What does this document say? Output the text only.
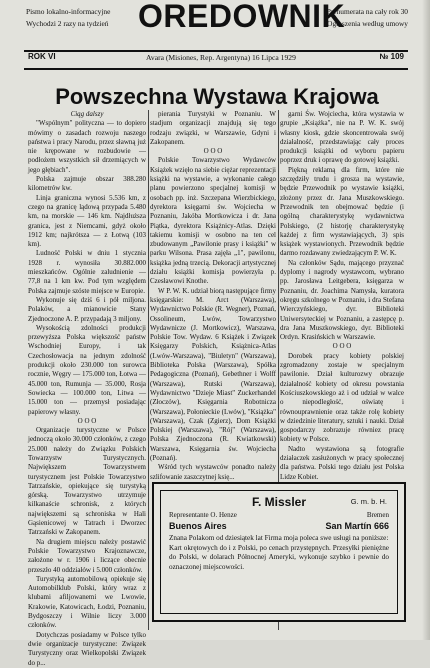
Pismo lokalno-informacyjne
Wychodzi 2 razy na tydzień OREDOWNIK
Prenumerata na cały rok 30
Ogłoszenia według umowy
ROK VI	Avara (Misiones, Rep. Argentyna) 16 Lipca 1929	№ 109
Powszechna Wystawa Krajowa

Ciąg dalszy

"Wspólnym" polityczna — to dopiero mówimy o zasadach rozwoju naszego państwa i pracy Narodu, przez sławną już nie krępowane w rozbudowie — podłożem wszystkich sił drzemiących w jego głębiach".

Polska zajmuje obszar 388.280 kilometrów kw.

Linja graniczna wynosi 5.536 km, z czego na granicę lądową przypada 5.480 km, na morskie — 146 km. Najdłuższa granica, jest z Niemcami, gdyż około 1912 km; najkrótsza — z Łotwą (103 km).

Ludność Polski w dniu 1 stycznia 1928 r. wynosiła 30.882.000 mieszkańców. Ogólnie zaludnienie — 77,8 na 1 km kw. Pod tym względem Polska zajmuje szóste miejsce w Europie.

Wykonuje się dziś 6 i pół miljona. Polaków, a mianowicie Stany Zjednoczone A. P. przypadają 3 miljony.

Wysokością zdolności produkcji przewyższa Polska większość państw Wschodniej Europy, i tak Czechosłowacja na jednym zdolność produkcji około 230.000 ton surowca rocznie, Węgry — 175.000 ton, Łotwa — 45.000 ton, Rumunja — 35.000, Rosja Sowiecka — 100.000 ton, Litwa — 15.000 ton — przemysł posiadając papierowy własny.

O O O

Organizacje turystyczne w Polsce jednoczą około 30.000 członków, z czego 25.000 należy do Związku Polskich Towarzystw Turystycznych. Największem Towarzystwem turystycznem jest Polskie Towarzystwo Tatrzańskie, opiekujące się turystyką górską. Towarzystwo utrzymuje kilkanaście schronisk, z których największemi są schroniska w Hali Gąsienicowej w Tatrach i Dworzec Tatrzański w Zakopanem.

Na drugiem miejscu należy postawić Polskie Towarzystwo Krajoznawcze, założone w r. 1906 i liczące obecnie przeszło 40 oddziałów i 5.000 członków.

Turystyką automobilową opiekuje się Automobilklub Polski, który wraz z klubami afiljowanemi we Lwowie, Krakowie, Katowicach, Łodzi, Poznaniu, Bydgoszczy i Wilnie liczy 3.000 członków.

Dotychczas posiadamy w Polsce tylko dwie organizacje turystyczne: Związek Turystyczny oraz Wielkopolski Związek do p...

pierania Turystyki w Poznaniu. W stadjum organizacji znajdują się tego rodzaju związki, w Warszawie, Gdyni i Zakopanem.

O O O

Polskie Towarzystwo Wydawców Książek wzięło na siebie ciężar reprezentacji książki na wystawie, a wykonanie całego planu powierzono specjalnej komisji w osobach pp. inż. Szczepana Wierzbickiego, dyrektora księgarni św. Wojciecha w Poznaniu, Jakóba Mortkowicza i dr. Jana Piątka, dyrektora Książnicy-Atlas. Dzięki takiemu komisji w osobno na ten cel zbudowanym „Pawilonie prasy i książki" w parku Wilsona. Prasa zajęła „1", pawilonu, książka jedną trzecią. Dekoracji artystycznej działu książki komisja powierzyła p. Czesławowi Knothe.

W P. W. K. udział biorą następujące firmy księgarskie: M. Arct (Warszawa), Wydawnictwo Polskie (R. Wegner), Poznań, Ossolineum, Lwów, Towarzystwo Wydawnicze (J. Mortkowicz), Warszawa, Polskie Tow. Wydaw. 6 Książek i Związek Księgarzy Polskich, Książnica-Atlas (Lwów-Warszawa), "Biuletyn" (Warszawa), Biblioteka Polska (Warszawa), Spółka Pedagogiczna (Poznań), Gebethner i Wolff (Warszawa), Rutski (Warszawa), Wydawnictwo "Dzieje Miast" Zuckerhandel (Złoczów), Księgarnia Robotnicza (Warszawa), Połonieckie (Lwów), "Książka" (Warszawa), Czak (Zgierz), Dom Książki Polskiej (Warszawa), "Rój" (Warszawa), Polska Zjednoczona (R. Kwiatkowski) Warszawa, Księgarnia św. Wojciecha (Poznań).

Wśród tych wystawców ponadto należy szlifowanie zaszczytnej księ...

garni Św. Wojciecha, która wystawia w grupie „Książka", nie na P. W. K. swój własny kiosk, gdzie skoncentrowała swój działalność, przedstawiając cały proces produkcji książki od wyboru papieru poprzez druk i oprawę do gotowej książki.

Piękną reklamą dla firm, które nie szczędziły trudu i grosza na wystawie, będzie Przewodnik po wystawie książki, złożony przez dr. Jana Muszkowskiego. Przewodnik ten obejmować będzie (i ogólną charakterystykę wydawnictwa Polskiego, (2 historję charakterystykę każdej z firm wystawiających, 3) spis książek wystawionych. Przewodnik będzie darmo rozdawany zwiedzającym P. W. K.

Na członków Sądu, mającego przyznać dyplomy i nagrody wystawcom, wybrano pp. Jarosława Leitgebera, księgarza w Poznaniu, dr. Joachima Namysła, kuratora okręgu szkolnego w Poznaniu, i dra Stefana Wierczyńskiego, dyr. Biblioteki Uniwersyteckiej w Poznaniu, a zastępcę p. dra Jana Muszkowskiego, dyr. Biblioteki Ordyn. Krasińskich w Warszawie.

O O O

Dorobek pracy kobiety polskiej zgromadzony zostaje w specjalnym pawilonie. Dział kulturozwy obrazuje działalność kobiety od okresu powstania Kościuszkowskiego aż i od udział w walce o niepodległość, oświatę i równouprawnienie oraz także rolę kobiety w dziedzinie literatury, sztuki i nauki. Dział gospodarczy zobrazuje równiez pracę kobiety w Polsce.

Nadto wystawiona są fotografie działaczek zasłużonych w pracy społecznej dla państwa. Polski tego działu jest Polska Lidze Kobiet.

F. Missler	G. m. b. H.
Representante O. Henze	Bremen
Buenos Aires	San Martín 666
Znana Polakom od dziesiątek lat Firma moja poleca swe usługi na poniższe:
Kart okrętowych do i z Polski, po cenach przystępnych. Przesyłki pieniężne do Polski, w dolarach Północnej Ameryki, wykonuje szybko i pewnie do oznaczonej miejscowości.
